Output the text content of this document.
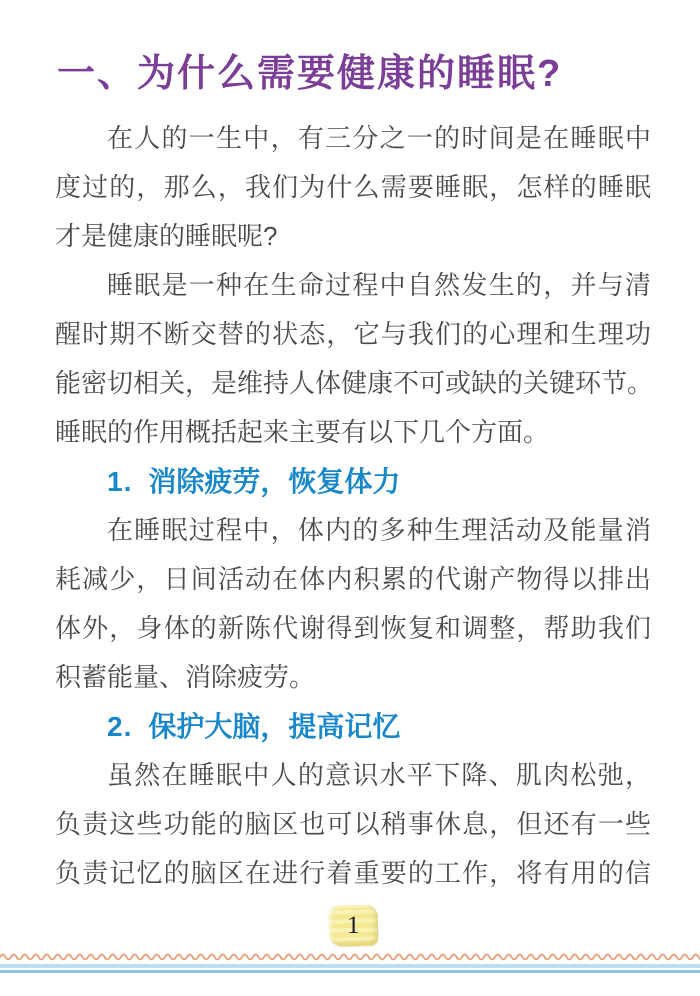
一、为什么需要健康的睡眠?
在人的一生中，有三分之一的时间是在睡眠中
度过的，那么，我们为什么需要睡眠，怎样的睡眠
才是健康的睡眠呢?
睡眠是一种在生命过程中自然发生的，并与清
醒时期不断交替的状态，它与我们的心理和生理功
能密切相关，是维持人体健康不可或缺的关键环节。
睡眠的作用概括起来主要有以下几个方面。
1. 消除疲劳，恢复体力
在睡眠过程中，体内的多种生理活动及能量消
耗减少，日间活动在体内积累的代谢产物得以排出
体外，身体的新陈代谢得到恢复和调整，帮助我们
积蓄能量、消除疲劳。
2. 保护大脑，提高记忆
虽然在睡眠中人的意识水平下降、肌肉松弛，
负责这些功能的脑区也可以稍事休息，但还有一些
负责记忆的脑区在进行着重要的工作，将有用的信
1
